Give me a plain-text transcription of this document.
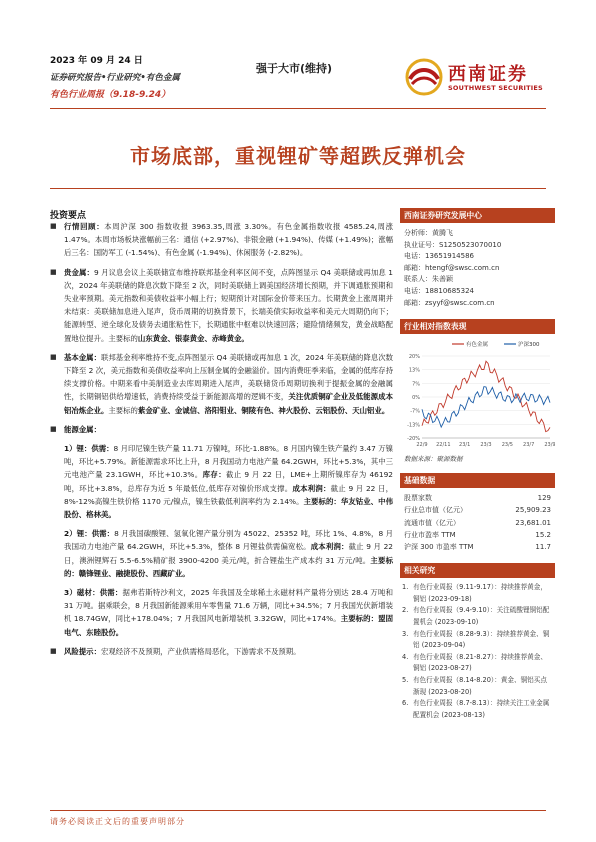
2023 年 09 月 24 日
证券研究报告•行业研究•有色金属
有色行业周报（9.18-9.24）
强于大市(维持)	西南证券
SOUTHWEST SECURITIES
市场底部，重视锂矿等超跌反弹机会
投资要点
■ 行情回顾：本周沪深 300 指数收报 3963.35,周涨 3.30%。有色金属指数收报 4585.24,周涨 1.47%。本周市场板块涨幅前三名：通信 (+2.97%)、非银金融 (+1.94%)、传媒 (+1.49%)；涨幅后三名：国防军工 (-1.54%)、有色金属 (-1.94%)、休闲服务 (-2.82%)。
■ 贵金属：9 月议息会议上美联储宣布维持联邦基金利率区间不变，点阵图显示 Q4 美联储或再加息 1 次，2024 年美联储的降息次数下降至 2 次，同时美联储上调美国经济增长预期，并下调通胀预期和失业率预期。美元指数和美债收益率小幅上行；短期预计对国际金价带来压力。长期黄金上涨周期并未结束：美联储加息进入尾声，货币周期的切换背景下，长端美债实际收益率和美元大周期仍向下；能源转型、逆全球化及债务去通胀粘性下，长期通胀中枢难以快速回落；避险情绪频发，黄金战略配置地位提升。主要标的山东黄金、银泰黄金、赤峰黄金。
■ 基本金属：联邦基金利率维持不变,点阵图显示 Q4 美联储或再加息 1 次，2024 年美联储的降息次数下降至 2 次，美元指数和美债收益率向上压制金属的金融溢价。国内消费旺季来临，金属的低库存持续支撑价格。中期来看中美制造业去库周期进入尾声，美联储货币周期切换利于提振金属的金融属性，长期铜铝供给增速低，消费持续受益于新能源高增的逻辑不变，关注优质铜矿企业及低能源成本铝冶炼企业。主要标的紫金矿业、金诚信、洛阳钼业、铜陵有色、神火股份、云铝股份、天山铝业。
■ 能源金属：
1）锂：供需：8 月印尼镍生铁产量 11.71 万镍吨，环比-1.88%。8 月国内镍生铁产量约 3.47 万镍吨，环比+5.79%。新能源需求环比上升，8 月我国动力电池产量 64.2GWH，环比+5.3%，其中三元电池产量 23.1GWH，环比+10.3%。库存：截止 9 月 22 日，LME+上期所镍库存为 46192 吨，环比+3.8%，总库存为近 5 年最低位,低库存对镍价形成支撑。成本利润：截止 9 月 22 日，8%-12%高镍生铁价格 1170 元/镍点，镍生铁截低利润率约为 2.14%。主要标的：华友钴业、中伟股份、格林美。
2）锂：供需：8 月我国碳酸锂、氢氧化锂产量分别为 45022、25352 吨，环比 1%、4.8%，8 月我国动力电池产量 64.2GWH，环比+5.3%，整体 8 月锂盐供需偏宽松。成本利润：截止 9 月 22 日，澳洲锂辉石 5.5-6.5%精矿报 3900-4200 美元/吨，折合锂盐生产成本约 31 万元/吨。主要标的：赣锋锂业、融捷股份、西藏矿业。
3）磁材：供需：据弗若斯特沙利文，2025 年我国及全球稀土永磁材料产量将分别达 28.4 万吨和 31 万吨。据乘联会，8 月我国新能源乘用车零售量 71.6 万辆，同比+34.5%；7 月我国光伏新增装机 18.74GW，同比+178.04%；7 月我国风电新增装机 3.32GW，同比+174%。主要标的：盟固电气、东睦股份。
■ 风险提示：宏观经济不及预期，产业供需格局恶化，下游需求不及预期。
西南证券研究发展中心
分析师：黄腾飞
执业证号：S1250523070010
电话：13651914586
邮箱：htengf@swsc.com.cn
联系人：朱善颖
电话：18810685324
邮箱：zsyyf@swsc.com.cn
行业相对指数表现
20%
13%
7%
0%
-7%
-13%
-20%
22/9 22/11 23/1 23/3 23/5 23/7 23/9
有色金属	沪深300
数据来源：聚源数据
基础数据
股票家数	129
行业总市值（亿元）	25,909.23
流通市值（亿元）	23,681.01
行业市盈率 TTM	15.2
沪深 300 市盈率 TTM	11.7
相关研究
1. 有色行业周报（9.11-9.17）：持续推荐黄金，铜铝 (2023-09-18)
2. 有色行业周报（9.4-9.10）：关注硫酸锂铜铝配置机会 (2023-09-10)
3. 有色行业周报（8.28-9.3）：持续推荐黄金、铜铝 (2023-09-04)
4. 有色行业周报（8.21-8.27）：持续推荐黄金、铜铝 (2023-08-27)
5. 有色行业周报（8.14-8.20）：黄金、铜铝买点渐现 (2023-08-20)
6. 有色行业周报（8.7-8.13）：持续关注工业金属配置机会 (2023-08-13)
请务必阅读正文后的重要声明部分
